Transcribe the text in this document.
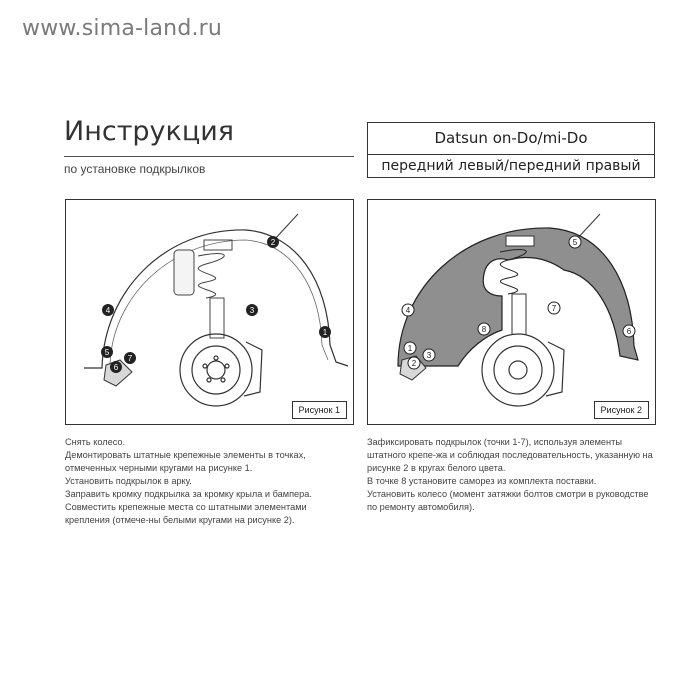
www.sima-land.ru
Инструкция
по установке подкрылков
Datsun on-Do/mi-Do
передний левый/передний правый
1
2
3
4
5
6
7
Рисунок 1
1
2
3
4
5
6
7
8
Рисунок 2

Снять колесо.

Демонтировать штатные крепежные элементы в точках, отмеченных черными кругами на рисунке 1.

Установить подкрылок в арку.

Заправить кромку подкрылка за кромку крыла и бампера.

Совместить крепежные места со штатными элементами крепления (отмече-ны белыми кругами на рисунке 2).

Зафиксировать подкрылок (точки 1-7), используя элементы штатного крепе-жа и соблюдая последовательность, указанную на рисунке 2 в кругах белого цвета.

В точке 8 установите саморез из комплекта поставки.

Установить колесо (момент затяжки болтов смотри в руководстве по ремонту автомобиля).
